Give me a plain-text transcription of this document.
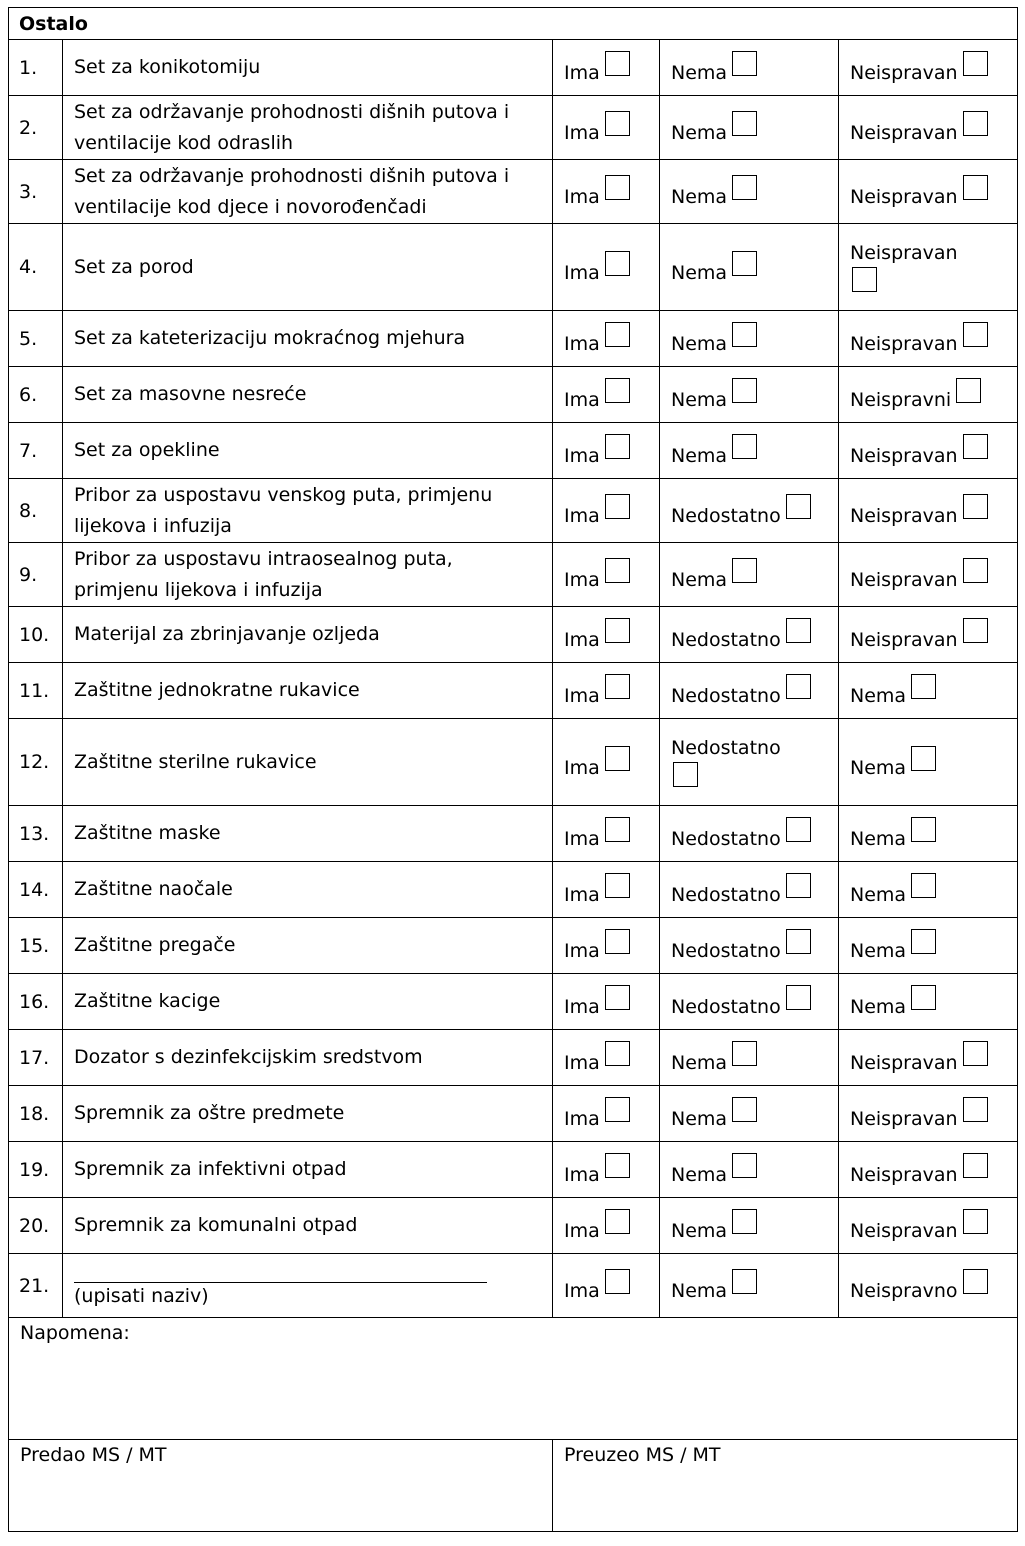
Ostalo				
1.	Set za konikotomiju	Ima	Nema	Neispravan
2.	Set za održavanje prohodnosti dišnih putova i
ventilacije kod odraslih	Ima	Nema	Neispravan
3.	Set za održavanje prohodnosti dišnih putova i
ventilacije kod djece i novorođenčadi	Ima	Nema	Neispravan
4.	Set za porod	Ima	Nema	Neispravan

5.	Set za kateterizaciju mokraćnog mjehura	Ima	Nema	Neispravan
6.	Set za masovne nesreće	Ima	Nema	Neispravni
7.	Set za opekline	Ima	Nema	Neispravan
8.	Pribor za uspostavu venskog puta, primjenu
lijekova i infuzija	Ima	Nedostatno	Neispravan
9.	Pribor za uspostavu intraosealnog puta,
primjenu lijekova i infuzija	Ima	Nema	Neispravan
10.	Materijal za zbrinjavanje ozljeda	Ima	Nedostatno	Neispravan
11.	Zaštitne jednokratne rukavice	Ima	Nedostatno	Nema
12.	Zaštitne sterilne rukavice	Ima	Nedostatno	Nema
13.	Zaštitne maske	Ima	Nedostatno	Nema
14.	Zaštitne naočale	Ima	Nedostatno	Nema
15.	Zaštitne pregače	Ima	Nedostatno	Nema
16.	Zaštitne kacige	Ima	Nedostatno	Nema
17.	Dozator s dezinfekcijskim sredstvom	Ima	Nema	Neispravan
18.	Spremnik za oštre predmete	Ima	Nema	Neispravan
19.	Spremnik za infektivni otpad	Ima	Nema	Neispravan
20.	Spremnik za komunalni otpad	Ima	Nema	Neispravan
21.	(upisati naziv)	Ima	Nema	Neispravno
Napomena:				
Predao MS / MT		Preuzeo MS / MT		
